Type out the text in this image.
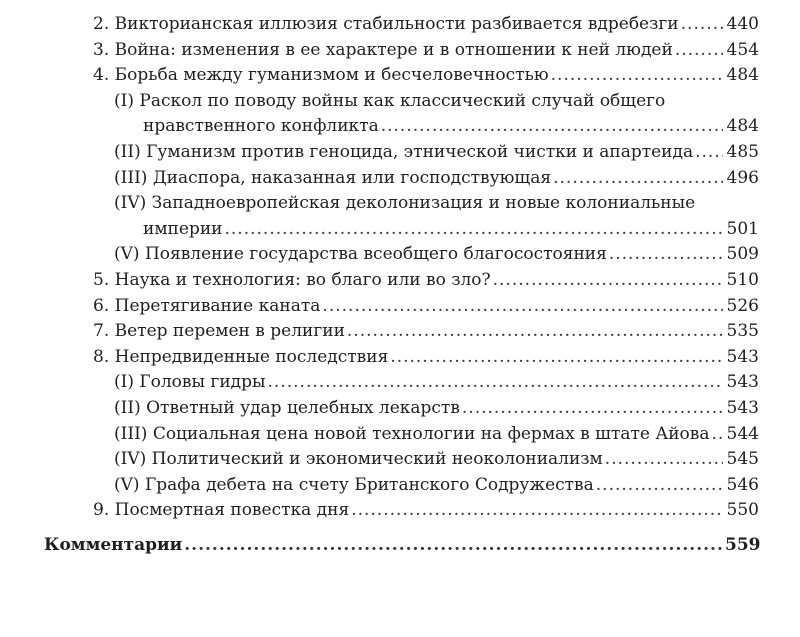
2. Викторианская иллюзия стабильности разбивается вдребезги .....	440
3. Война: изменения в ее характере и в отношении к ней людей .....	454
4. Борьба между гуманизмом и бесчеловечностью .....	484
(I) Раскол по поводу войны как классический случай общего
нравственного конфликта .....	484
(II) Гуманизм против геноцида, этнической чистки и апартеида ..... 485
(III) Диаспора, наказанная или господствующая .....	496
(IV) Западноевропейская деколонизация и новые колониальные
империи .....	501
(V) Появление государства всеобщего благосостояния .....	509
5. Наука и технология: во благо или во зло? .....	510
6. Перетягивание каната .....	526
7. Ветер перемен в религии .....	535
8. Непредвиденные последствия .....	543
(I) Головы гидры .....	543
(II) Ответный удар целебных лекарств .....	543
(III) Социальная цена новой технологии на фермах в штате Айова ..... 544
(IV) Политический и экономический неоколониализм .....	545
(V) Графа дебета на счету Британского Содружества .....	546
9. Посмертная повестка дня .....	550
Комментарии .....	559
